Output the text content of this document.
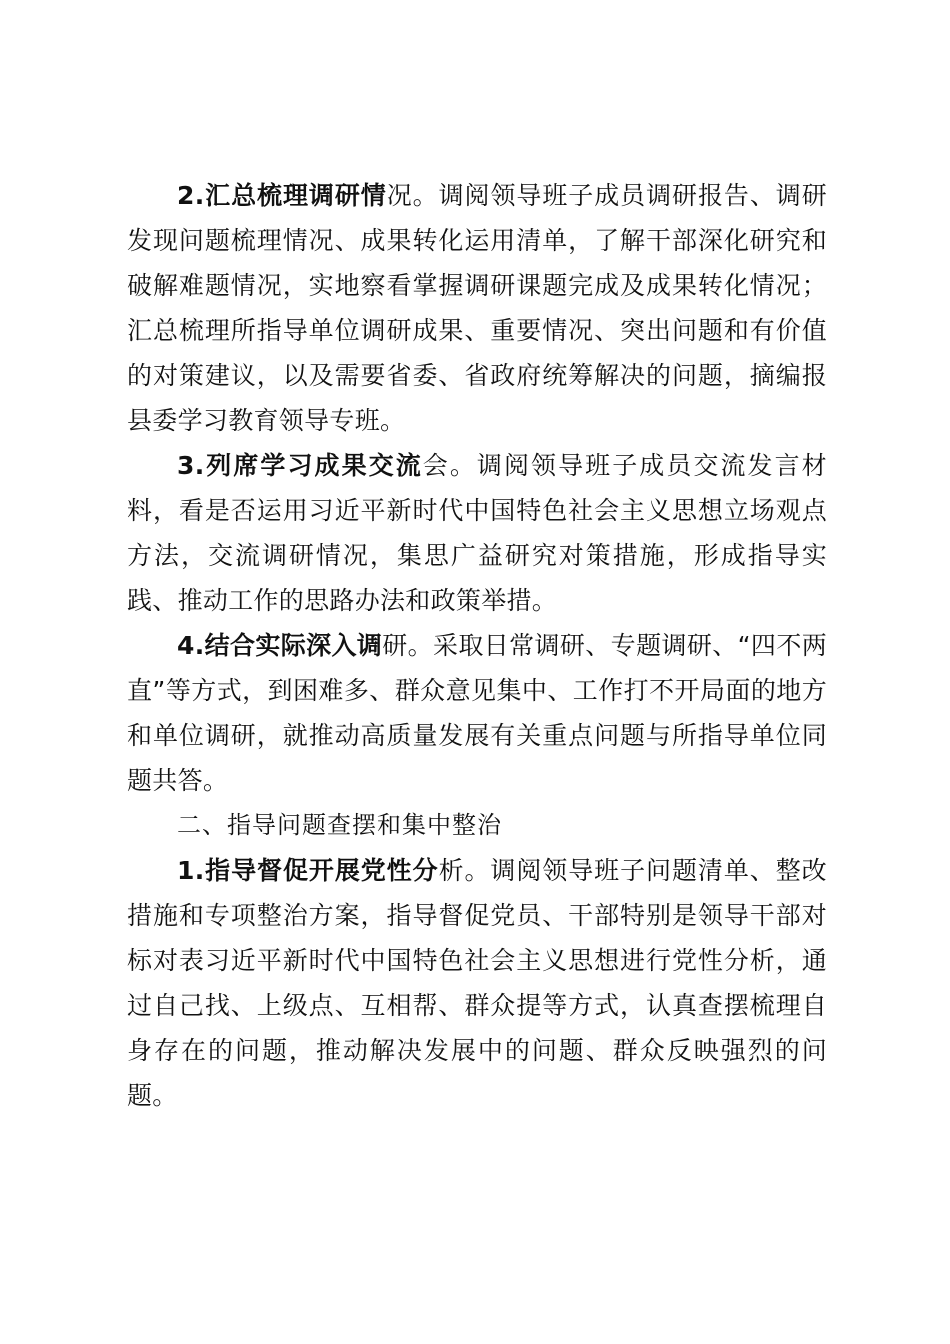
2.汇总梳理调研情况。调阅领导班子成员调研报告、调研发现问题梳理情况、成果转化运用清单，了解干部深化研究和破解难题情况，实地察看掌握调研课题完成及成果转化情况；汇总梳理所指导单位调研成果、重要情况、突出问题和有价值的对策建议，以及需要省委、省政府统筹解决的问题，摘编报县委学习教育领导专班。

3.列席学习成果交流会。调阅领导班子成员交流发言材料，看是否运用习近平新时代中国特色社会主义思想立场观点方法，交流调研情况，集思广益研究对策措施，形成指导实践、推动工作的思路办法和政策举措。

4.结合实际深入调研。采取日常调研、专题调研、“四不两直”等方式，到困难多、群众意见集中、工作打不开局面的地方和单位调研，就推动高质量发展有关重点问题与所指导单位同题共答。

二、指导问题查摆和集中整治

1.指导督促开展党性分析。调阅领导班子问题清单、整改措施和专项整治方案，指导督促党员、干部特别是领导干部对标对表习近平新时代中国特色社会主义思想进行党性分析，通过自己找、上级点、互相帮、群众提等方式，认真查摆梳理自身存在的问题，推动解决发展中的问题、群众反映强烈的问题。
